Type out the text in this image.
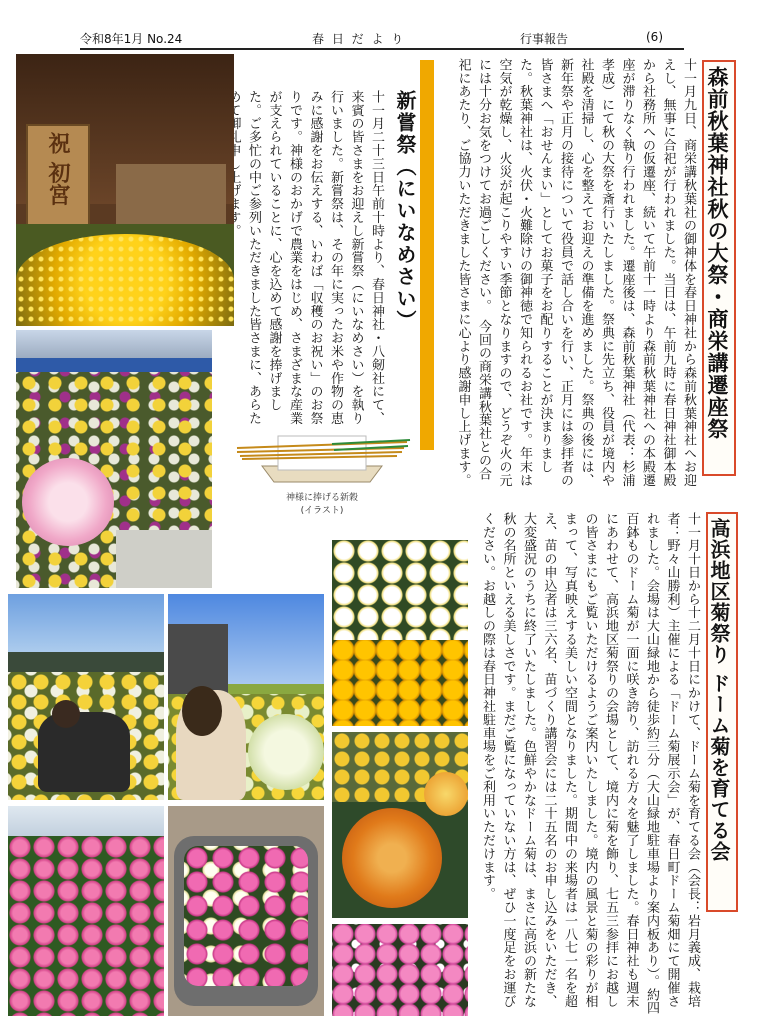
令和8年1月 No.24	春 日 だ よ り	行事報告	(6)
森前秋葉神社秋の大祭・商栄講遷座祭
十一月九日、商栄講秋葉社の御神体を春日神社から森前秋葉神社へお迎えし、無事に合祀が行われました。当日は、午前九時に春日神社御本殿から社務所への仮遷座、続いて午前十一時より森前秋葉神社への本殿遷座が滞りなく執り行われました。遷座後は、森前秋葉神社（代表：杉浦孝成）にて秋の大祭を斎行いたしました。祭典に先立ち、役員が境内や社殿を清掃し、心を整えてお迎えの準備を進めました。祭典の後には、新年祭や正月の接待について役員で話し合いを行い、正月には参拝者の皆さまへ「おせんまい」としてお菓子をお配りすることが決まりました。秋葉神社は、火伏・火難除けの御神徳で知られるお社です。年末は空気が乾燥し、火災が起こりやすい季節となりますので、どうぞ火の元には十分お気をつけてお過ごしください。　今回の商栄講秋葉社との合祀にあたり、ご協力いただきました皆さまに心より感謝申し上げます。
新嘗祭（にいなめさい）
十一月二十三日午前十時より、春日神社・八剱社にて、来賓の皆さまをお迎えし新嘗祭（にいなめさい）を執り行いました。新嘗祭は、その年に実ったお米や作物の恵みに感謝をお伝えする、いわば「収穫のお祝い」のお祭りです。神様のおかげで農業をはじめ、さまざまな産業が支えられていることに、心を込めて感謝を捧げました。ご多忙の中ご参列いただきました皆さまに、あらた
神様に捧げる新穀
(イラスト)
高浜地区菊祭り ドーム菊を育てる会
十一月十日から十二月十日にかけて、ドーム菊を育てる会（会長：岩月義成、栽培者：野々山勝利）主催による「ドーム菊展示会」が、春日町ドーム菊畑にて開催されました。会場は大山緑地から徒歩約三分（大山緑地駐車場より案内板あり）。約四百鉢ものドーム菊が一面に咲き誇り、訪れる方々を魅了しました。春日神社も週末にあわせて、高浜地区菊祭りの会場として、境内に菊を飾り、七五三参拝にお越しの皆さまにもご覧いただけるようご案内いたしました。境内の風景と菊の彩りが相まって、写真映えする美しい空間となりました。期間中の来場者は一八七一名を超え、苗の申込者は三六名、苗づくり講習会には二十五名のお申し込みをいただき、大変盛況のうちに終了いたしました。色鮮やかなドーム菊は、まさに高浜の新たな秋の名所といえる美しさです。まだご覧になっていない方は、ぜひ一度足をお運びください。お越しの際は春日神社駐車場をご利用いただけます。
祝 初宮
